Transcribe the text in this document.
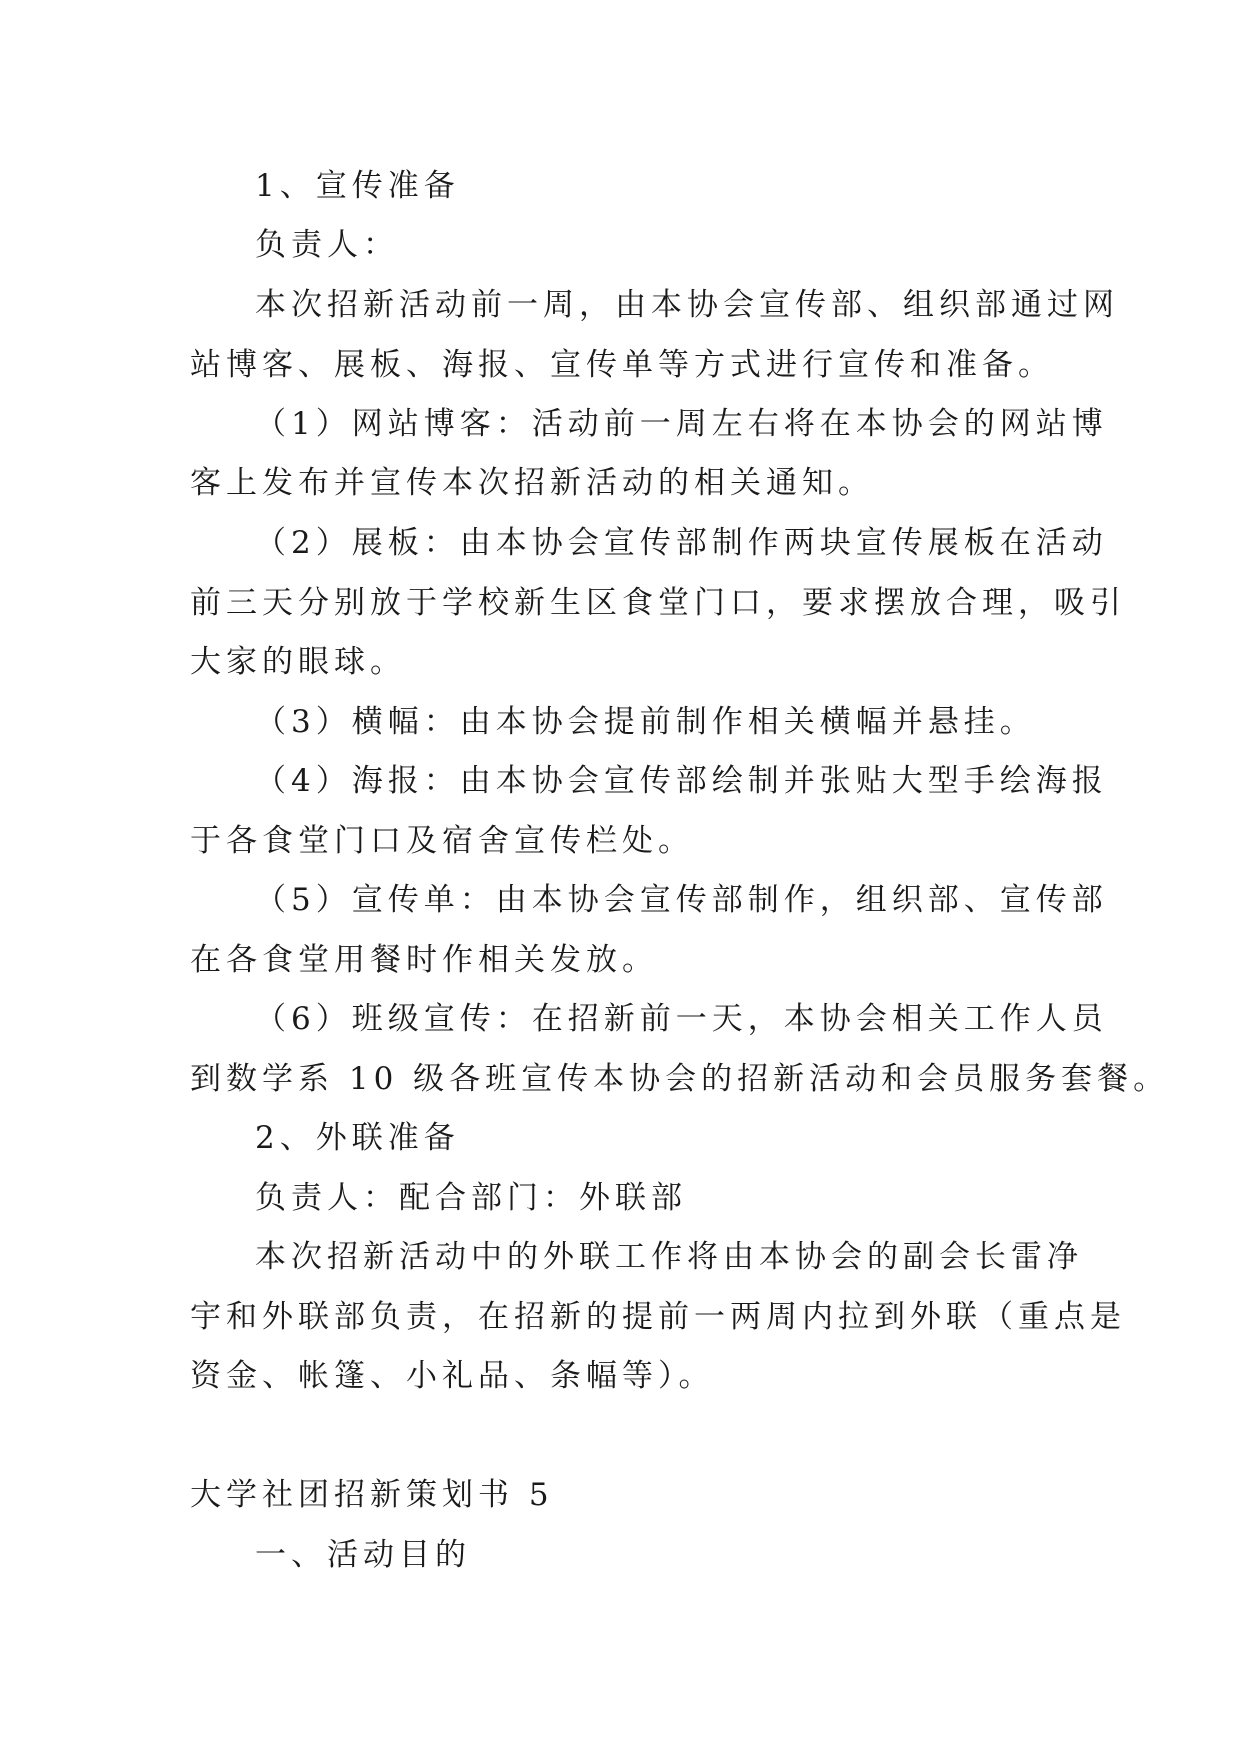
1、宣传准备
负责人：
本次招新活动前一周，由本协会宣传部、组织部通过网
站博客、展板、海报、宣传单等方式进行宣传和准备。
（1）网站博客：活动前一周左右将在本协会的网站博
客上发布并宣传本次招新活动的相关通知。
（2）展板：由本协会宣传部制作两块宣传展板在活动
前三天分别放于学校新生区食堂门口，要求摆放合理，吸引
大家的眼球。
（3）横幅：由本协会提前制作相关横幅并悬挂。
（4）海报：由本协会宣传部绘制并张贴大型手绘海报
于各食堂门口及宿舍宣传栏处。
（5）宣传单：由本协会宣传部制作，组织部、宣传部
在各食堂用餐时作相关发放。
（6）班级宣传：在招新前一天，本协会相关工作人员
到数学系 10 级各班宣传本协会的招新活动和会员服务套餐。
2、外联准备
负责人：配合部门：外联部
本次招新活动中的外联工作将由本协会的副会长雷净
宇和外联部负责，在招新的提前一两周内拉到外联（重点是
资金、帐篷、小礼品、条幅等）。
大学社团招新策划书 5
一、活动目的
